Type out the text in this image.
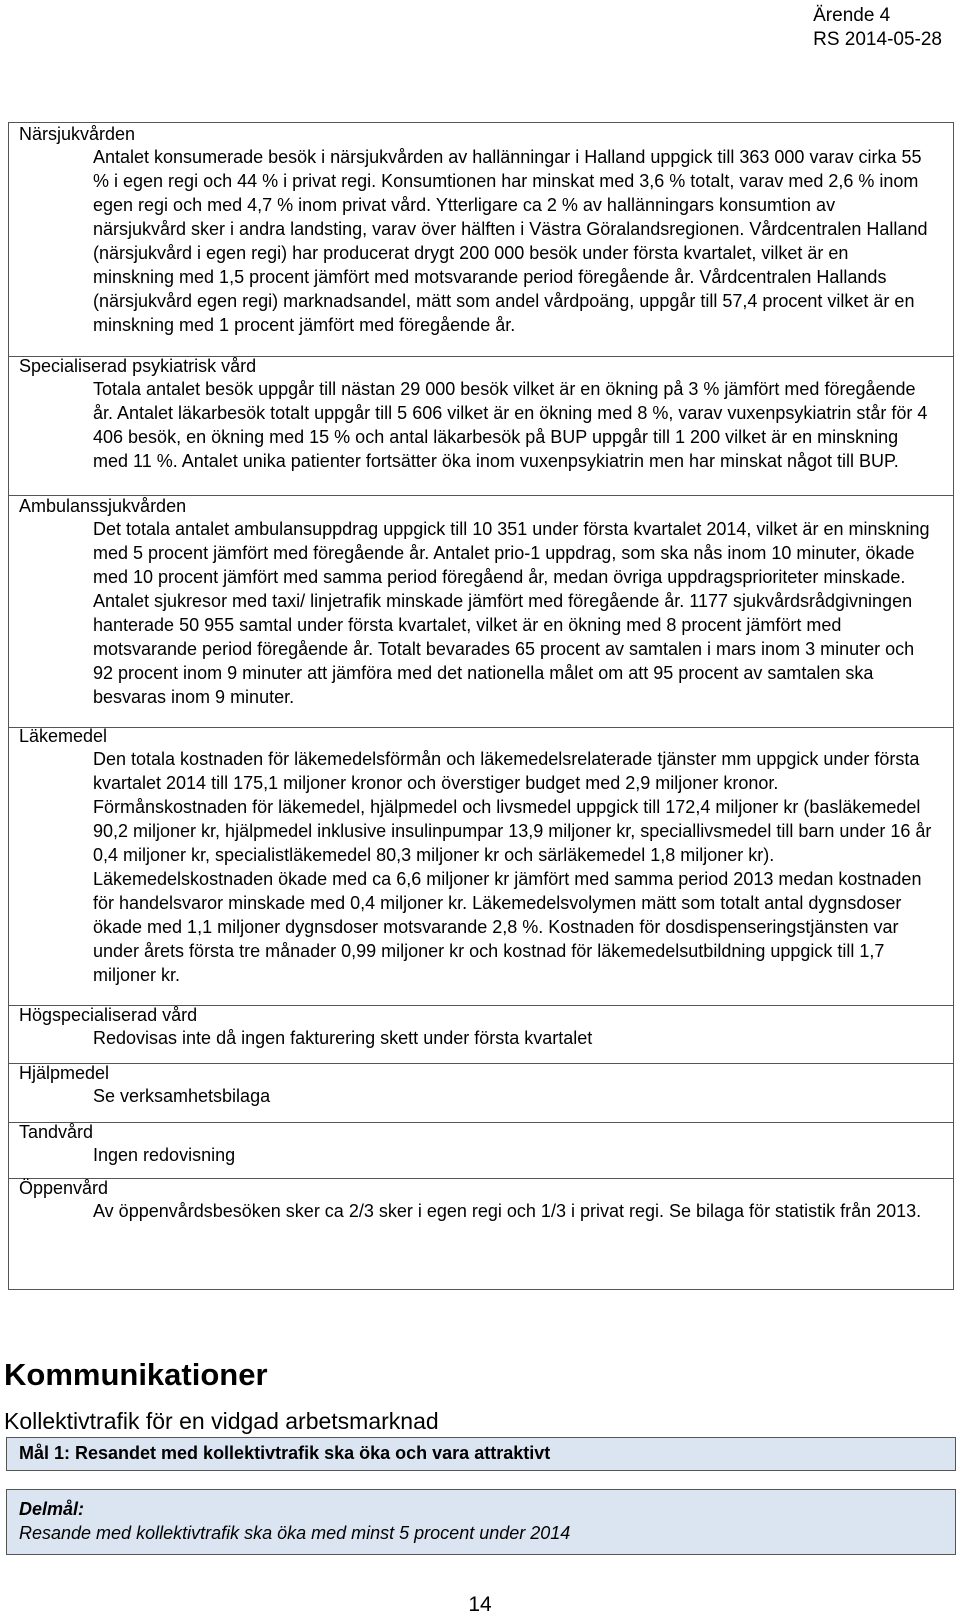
Ärende 4
RS 2014-05-28
Närsjukvården

Antalet konsumerade besök i närsjukvården av hallänningar i Halland uppgick till 363 000 varav cirka 55 % i egen regi och 44 % i privat regi. Konsumtionen har minskat med 3,6 % totalt, varav med 2,6 % inom egen regi och med 4,7 % inom privat vård. Ytterligare ca 2 % av hallänningars konsumtion av närsjukvård sker i andra landsting, varav över hälften i Västra Göralandsregionen. Vårdcentralen Halland (närsjukvård i egen regi) har producerat drygt 200 000 besök under första kvartalet, vilket är en minskning med 1,5 procent jämfört med motsvarande period föregående år. Vårdcentralen Hallands (närsjukvård egen regi) marknadsandel, mätt som andel vårdpoäng, uppgår till 57,4 procent vilket är en minskning med 1 procent jämfört med föregående år.

Specialiserad psykiatrisk vård

Totala antalet besök uppgår till nästan 29 000 besök vilket är en ökning på 3 % jämfört med föregående år. Antalet läkarbesök totalt uppgår till 5 606 vilket är en ökning med 8 %, varav vuxenpsykiatrin står för 4 406 besök, en ökning med 15 % och antal läkarbesök på BUP uppgår till 1 200 vilket är en minskning med 11 %. Antalet unika patienter fortsätter öka inom vuxenpsykiatrin men har minskat något till BUP.

Ambulanssjukvården

Det totala antalet ambulansuppdrag uppgick till 10 351 under första kvartalet 2014, vilket är en minskning med 5 procent jämfört med föregående år. Antalet prio-1 uppdrag, som ska nås inom 10 minuter, ökade med 10 procent jämfört med samma period föregåend år, medan övriga uppdragsprioriteter minskade. Antalet sjukresor med taxi/ linjetrafik minskade jämfört med föregående år. 1177 sjukvårdsrådgivningen hanterade 50 955 samtal under första kvartalet, vilket är en ökning med 8 procent jämfört med motsvarande period föregående år. Totalt bevarades 65 procent av samtalen i mars inom 3 minuter och 92 procent inom 9 minuter att jämföra med det nationella målet om att 95 procent av samtalen ska besvaras inom 9 minuter.

Läkemedel

Den totala kostnaden för läkemedelsförmån och läkemedelsrelaterade tjänster mm uppgick under första kvartalet 2014 till 175,1 miljoner kronor och överstiger budget med 2,9 miljoner kronor. Förmånskostnaden för läkemedel, hjälpmedel och livsmedel uppgick till 172,4 miljoner kr (basläkemedel 90,2 miljoner kr, hjälpmedel inklusive insulinpumpar 13,9 miljoner kr, speciallivsmedel till barn under 16 år 0,4 miljoner kr, specialistläkemedel 80,3 miljoner kr och särläkemedel 1,8 miljoner kr). Läkemedelskostnaden ökade med ca 6,6 miljoner kr jämfört med samma period 2013 medan kostnaden för handelsvaror minskade med 0,4 miljoner kr. Läkemedelsvolymen mätt som totalt antal dygnsdoser ökade med 1,1 miljoner dygnsdoser motsvarande 2,8 %. Kostnaden för dosdispenseringstjänsten var under årets första tre månader 0,99 miljoner kr och kostnad för läkemedelsutbildning uppgick till 1,7 miljoner kr.

Högspecialiserad vård

Redovisas inte då ingen fakturering skett under första kvartalet

Hjälpmedel

Se verksamhetsbilaga

Tandvård

Ingen redovisning

Öppenvård

Av öppenvårdsbesöken sker ca 2/3 sker i egen regi och 1/3 i privat regi. Se bilaga för statistik från 2013.

Kommunikationer
Kollektivtrafik för en vidgad arbetsmarknad
Mål 1: Resandet med kollektivtrafik ska öka och vara attraktivt
Delmål:
Resande med kollektivtrafik ska öka med minst 5 procent under 2014
14
